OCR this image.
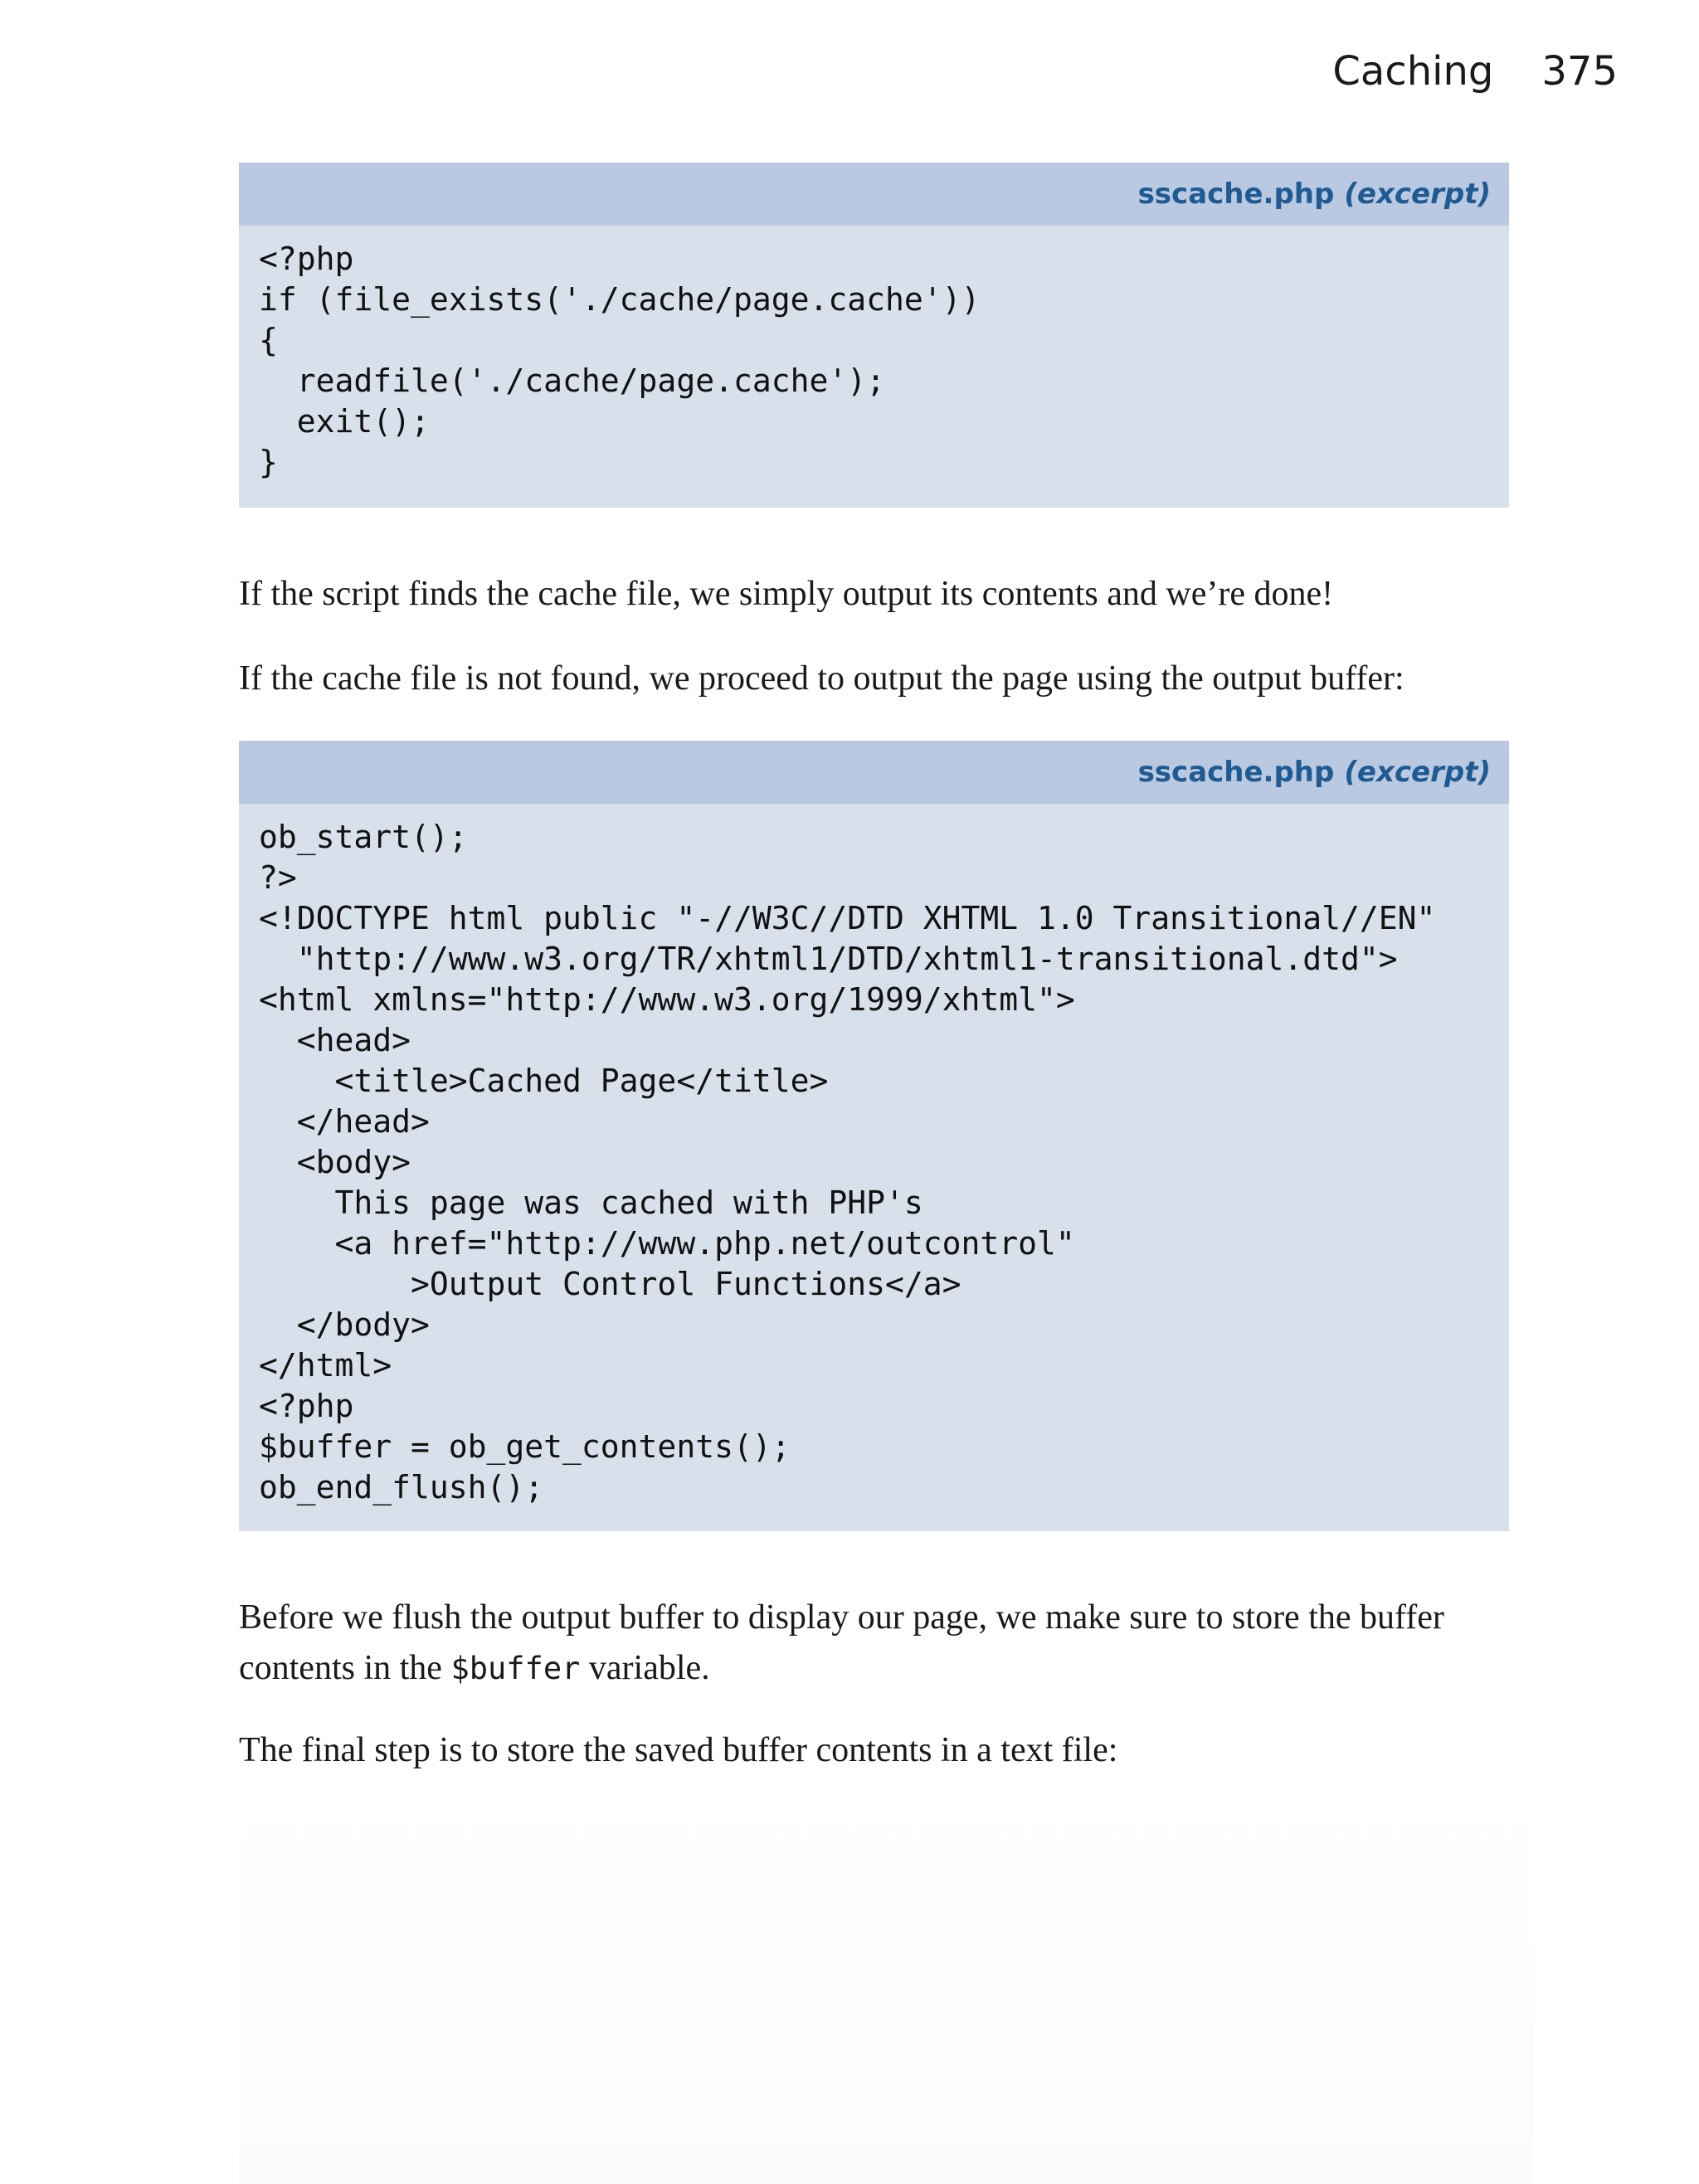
Caching 375
sscache.php (excerpt)
<?php
if (file_exists('./cache/page.cache'))
{
readfile('./cache/page.cache');
exit();
}

If the script finds the cache file, we simply output its contents and we’re done!

If the cache file is not found, we proceed to output the page using the output buffer:

sscache.php (excerpt)
ob_start();
?>
<!DOCTYPE html public "-//W3C//DTD XHTML 1.0 Transitional//EN"
"http://www.w3.org/TR/xhtml1/DTD/xhtml1-transitional.dtd">
<html xmlns="http://www.w3.org/1999/xhtml">
<head>
<title>Cached Page</title>
</head>
<body>
This page was cached with PHP's
<a href="http://www.php.net/outcontrol"
>Output Control Functions</a>
</body>
</html>
<?php
$buffer = ob_get_contents();
ob_end_flush();

Before we flush the output buffer to display our page, we make sure to store the buffer contents in the $buffer variable.

The final step is to store the saved buffer contents in a text file:
